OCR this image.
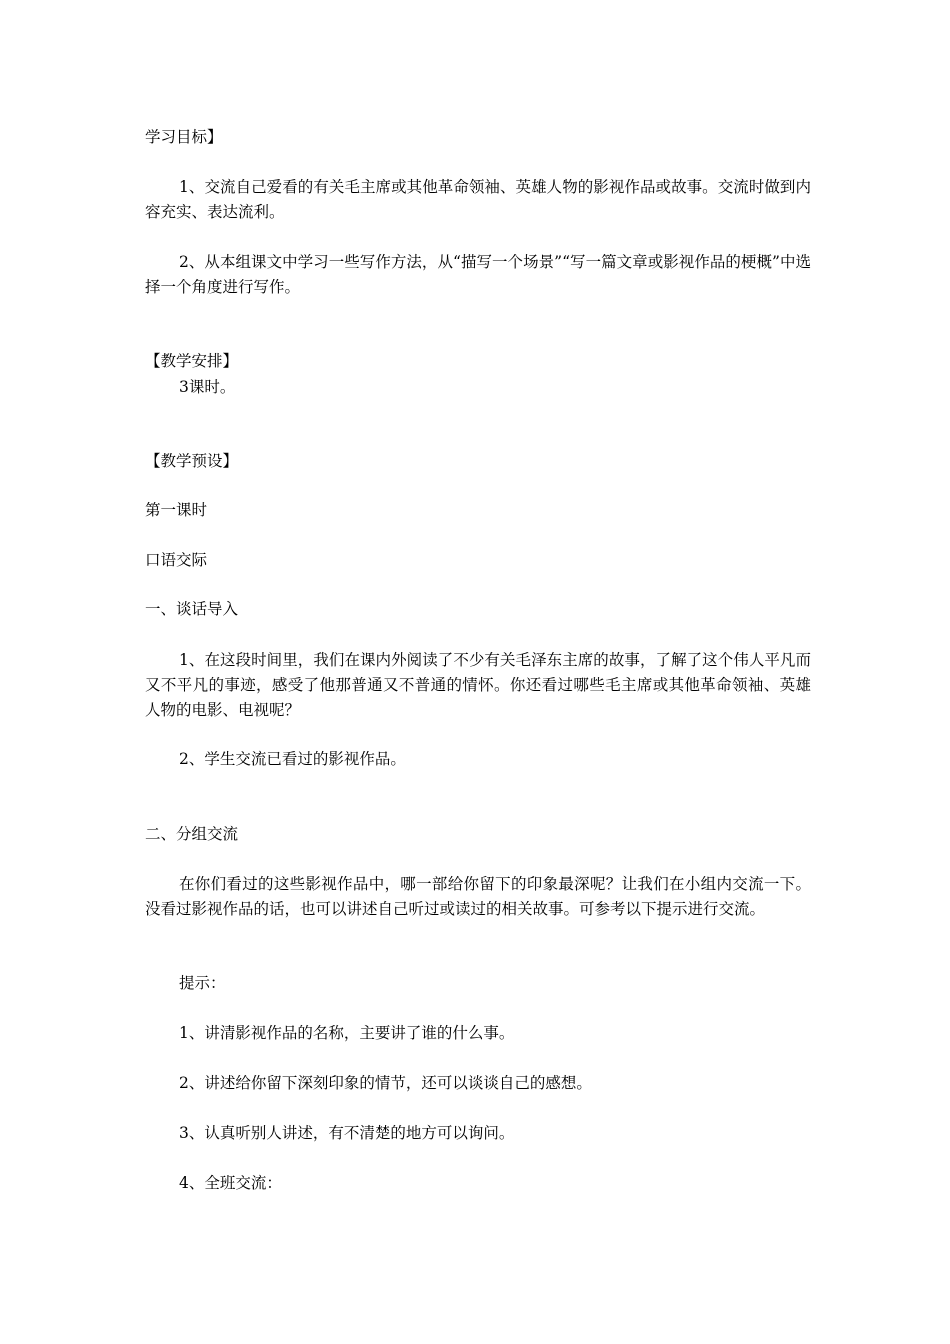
学习目标】
1、交流自己爱看的有关毛主席或其他革命领袖、英雄人物的影视作品或故事。交流时做到内容充实、表达流利。
2、从本组课文中学习一些写作方法，从“描写一个场景”“写一篇文章或影视作品的梗概”中选择一个角度进行写作。
【教学安排】
3课时。
【教学预设】
第一课时
口语交际
一、谈话导入
1、在这段时间里，我们在课内外阅读了不少有关毛泽东主席的故事，了解了这个伟人平凡而又不平凡的事迹，感受了他那普通又不普通的情怀。你还看过哪些毛主席或其他革命领袖、英雄人物的电影、电视呢？
2、学生交流已看过的影视作品。
二、分组交流
在你们看过的这些影视作品中，哪一部给你留下的印象最深呢？让我们在小组内交流一下。没看过影视作品的话，也可以讲述自己听过或读过的相关故事。可参考以下提示进行交流。
提示：
1、讲清影视作品的名称，主要讲了谁的什么事。
2、讲述给你留下深刻印象的情节，还可以谈谈自己的感想。
3、认真听别人讲述，有不清楚的地方可以询问。
4、全班交流：
